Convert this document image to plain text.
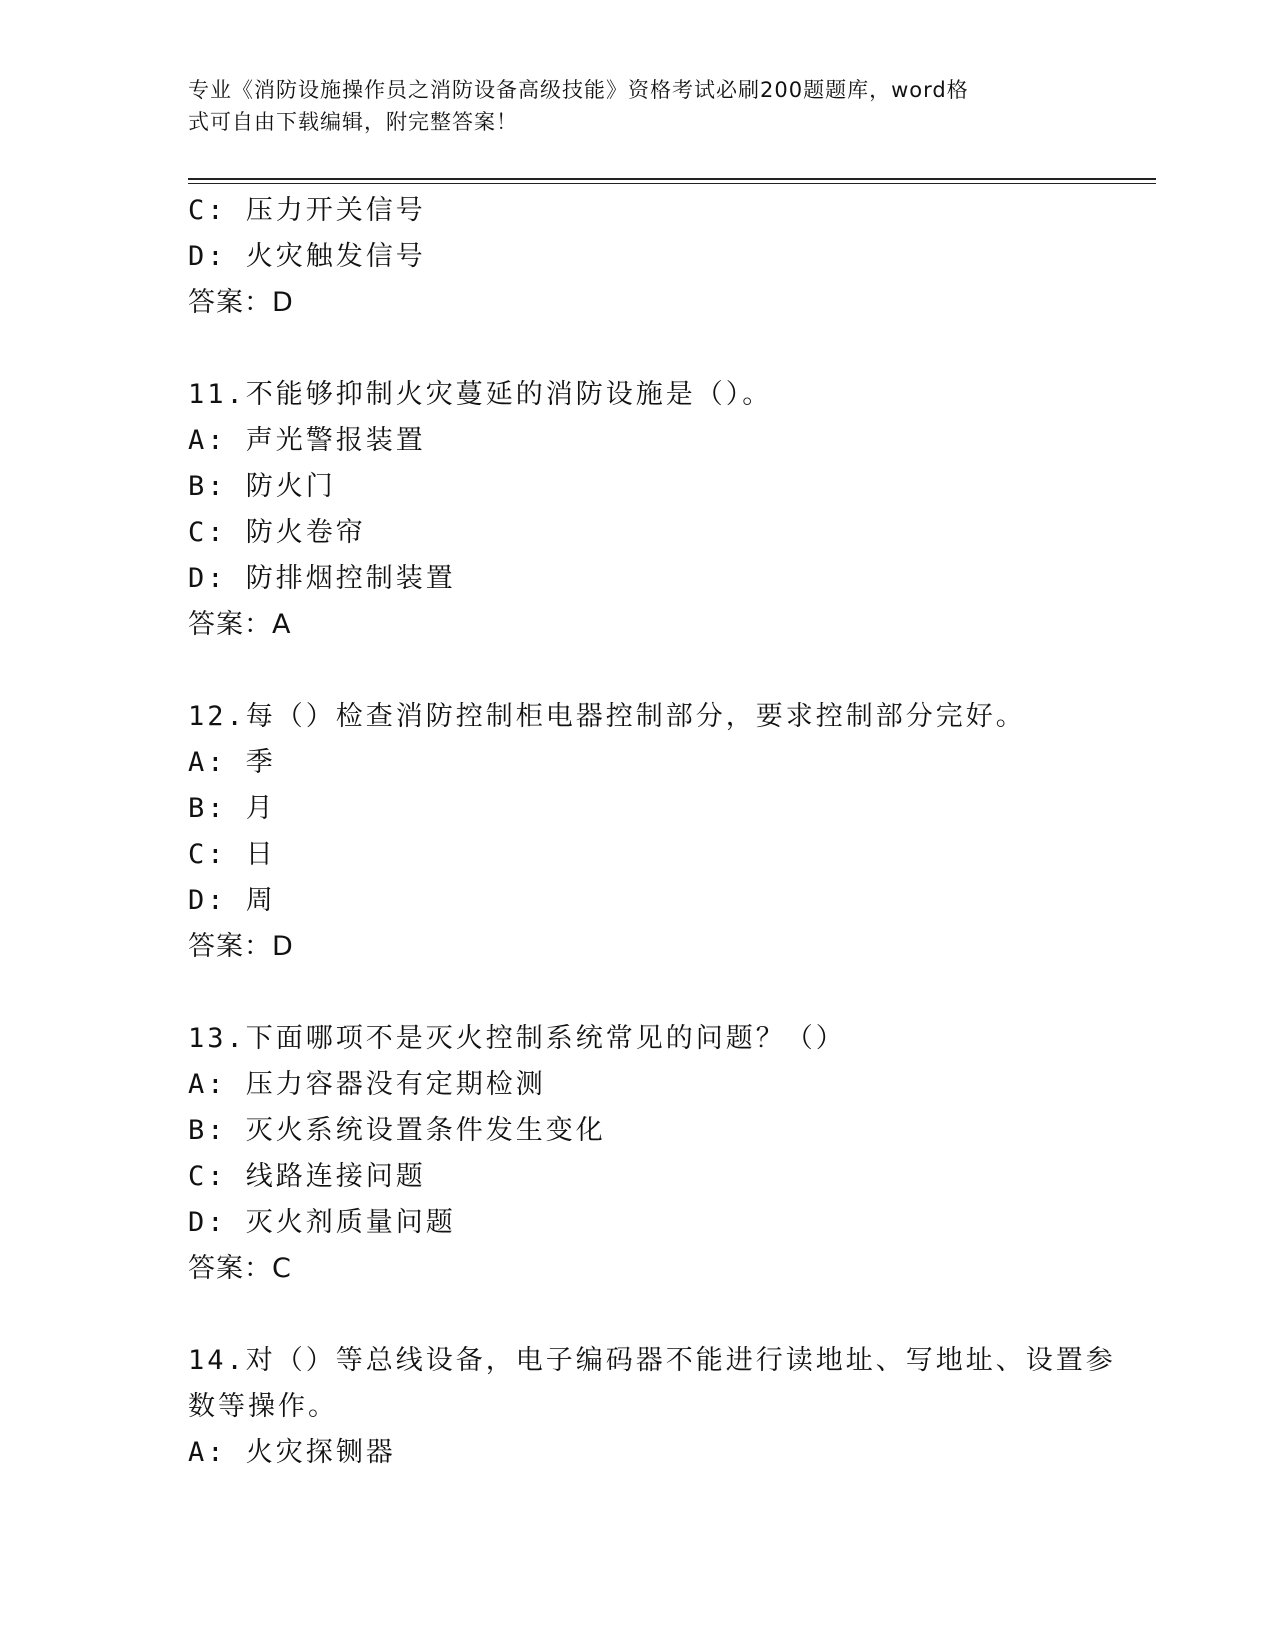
专业《消防设施操作员之消防设备高级技能》资格考试必刷200题题库，word格
式可自由下载编辑，附完整答案！
C: 压力开关信号
D: 火灾触发信号
答案：D
11.不能够抑制火灾蔓延的消防设施是（）。
A: 声光警报装置
B: 防火门
C: 防火卷帘
D: 防排烟控制装置
答案：A
12.每（）检查消防控制柜电器控制部分，要求控制部分完好。
A: 季
B: 月
C: 日
D: 周
答案：D
13.下面哪项不是灭火控制系统常见的问题？（）
A: 压力容器没有定期检测
B: 灭火系统设置条件发生变化
C: 线路连接问题
D: 灭火剂质量问题
答案：C
14.对（）等总线设备，电子编码器不能进行读地址、写地址、设置参
数等操作。
A: 火灾探铡器
